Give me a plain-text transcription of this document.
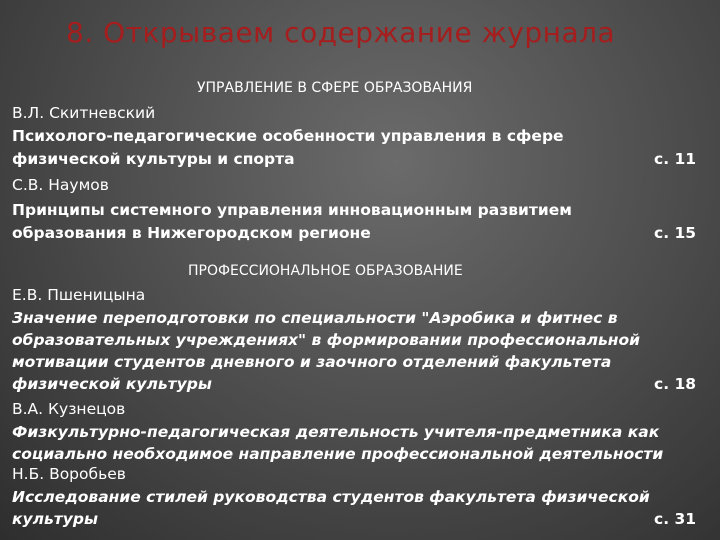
8. Открываем содержание журнала
УПРАВЛЕНИЕ В СФЕРЕ ОБРАЗОВАНИЯ
В.Л. Скитневский
Психолого-педагогические особенности управления в сфере
физической культуры и спорта	с. 11
С.В. Наумов
Принципы системного управления инновационным развитием
образования в Нижегородском регионе	с. 15
ПРОФЕССИОНАЛЬНОЕ ОБРАЗОВАНИЕ
Е.В. Пшеницына
Значение переподготовки по специальности "Аэробика и фитнес в
образовательных учреждениях" в формировании профессиональной
мотивации студентов дневного и заочного отделений факультета
физической культуры	с. 18
В.А. Кузнецов
Физкультурно-педагогическая деятельность учителя-предметника как
социально необходимое направление профессиональной деятельности
Н.Б. Воробьев
Исследование стилей руководства студентов факультета физической
культуры	с. 31
